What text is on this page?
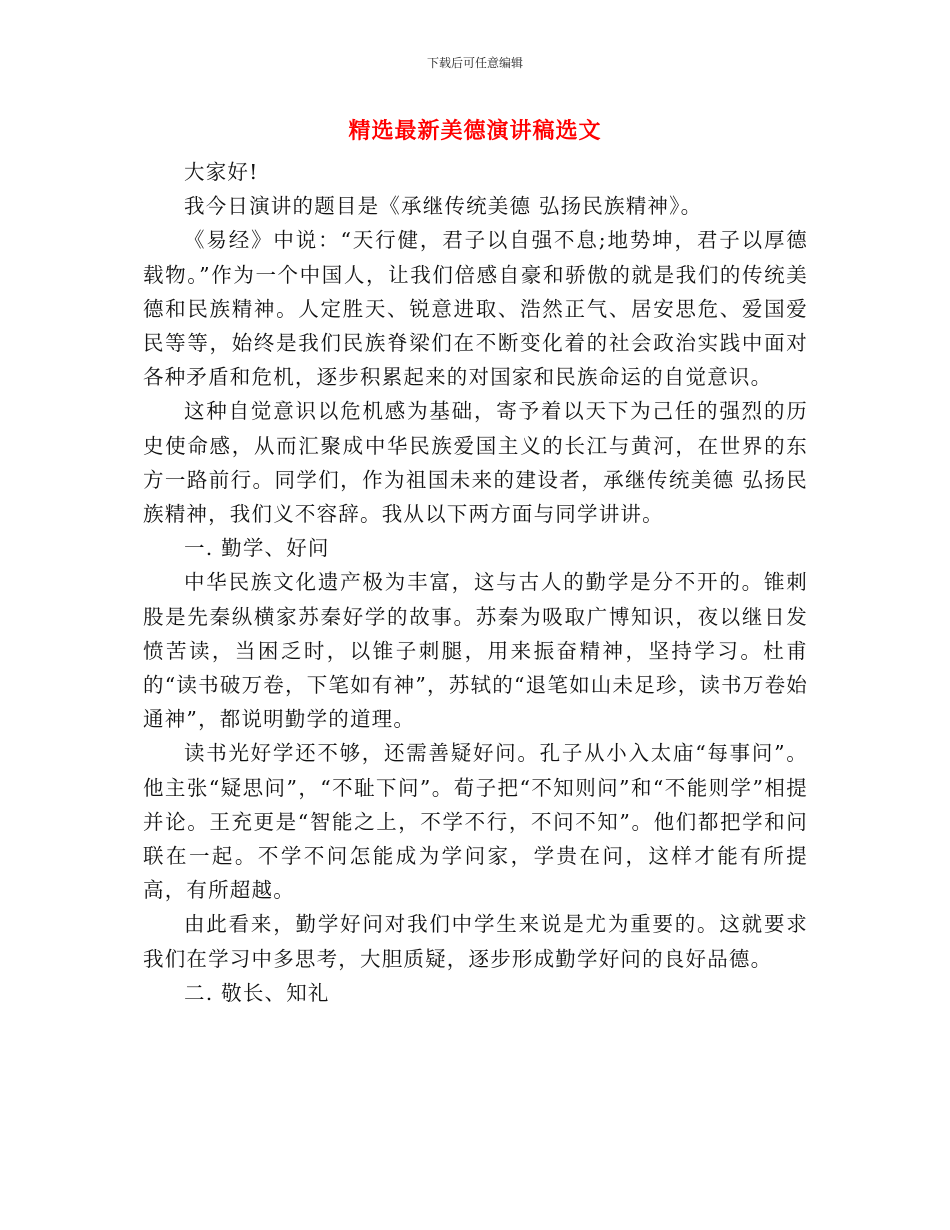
下载后可任意编辑
精选最新美德演讲稿选文

大家好!

我今日演讲的题目是《承继传统美德 弘扬民族精神》。

《易经》中说：“天行健，君子以自强不息;地势坤，君子以厚德载物。”作为一个中国人，让我们倍感自豪和骄傲的就是我们的传统美德和民族精神。人定胜天、锐意进取、浩然正气、居安思危、爱国爱民等等，始终是我们民族脊梁们在不断变化着的社会政治实践中面对各种矛盾和危机，逐步积累起来的对国家和民族命运的自觉意识。

这种自觉意识以危机感为基础，寄予着以天下为己任的强烈的历史使命感，从而汇聚成中华民族爱国主义的长江与黄河，在世界的东方一路前行。同学们，作为祖国未来的建设者，承继传统美德 弘扬民族精神，我们义不容辞。我从以下两方面与同学讲讲。

一. 勤学、好问

中华民族文化遗产极为丰富，这与古人的勤学是分不开的。锥刺股是先秦纵横家苏秦好学的故事。苏秦为吸取广博知识，夜以继日发愤苦读，当困乏时，以锥子刺腿，用来振奋精神，坚持学习。杜甫的“读书破万卷，下笔如有神”，苏轼的“退笔如山未足珍，读书万卷始通神”，都说明勤学的道理。

读书光好学还不够，还需善疑好问。孔子从小入太庙“每事问”。他主张“疑思问”，“不耻下问”。荀子把“不知则问”和“不能则学”相提并论。王充更是“智能之上，不学不行，不问不知”。他们都把学和问联在一起。不学不问怎能成为学问家，学贵在问，这样才能有所提高，有所超越。

由此看来，勤学好问对我们中学生来说是尤为重要的。这就要求我们在学习中多思考，大胆质疑，逐步形成勤学好问的良好品德。

二. 敬长、知礼
